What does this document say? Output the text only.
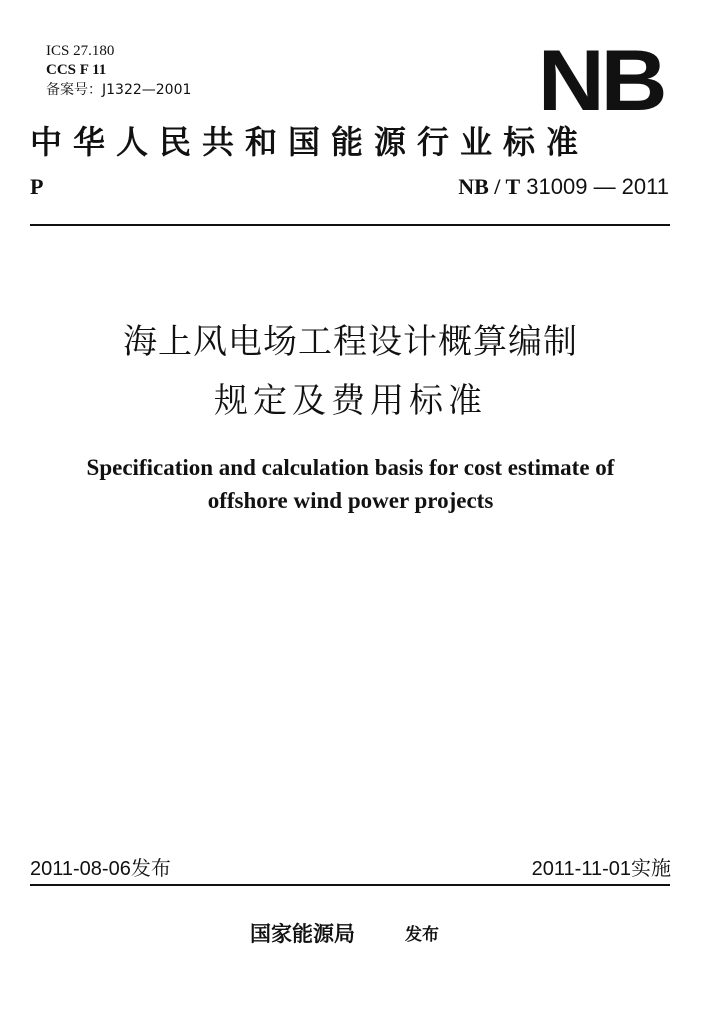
ICS 27.180
CCS F 11
备案号：J1322—2001	NB
中华人民共和国能源行业标准
P	NB / T 31009 — 2011
海上风电场工程设计概算编制
规定及费用标准
Specification and calculation basis for cost estimate of
offshore wind power projects
2011-08-06发布	2011-11-01实施
国家能源局	发布
